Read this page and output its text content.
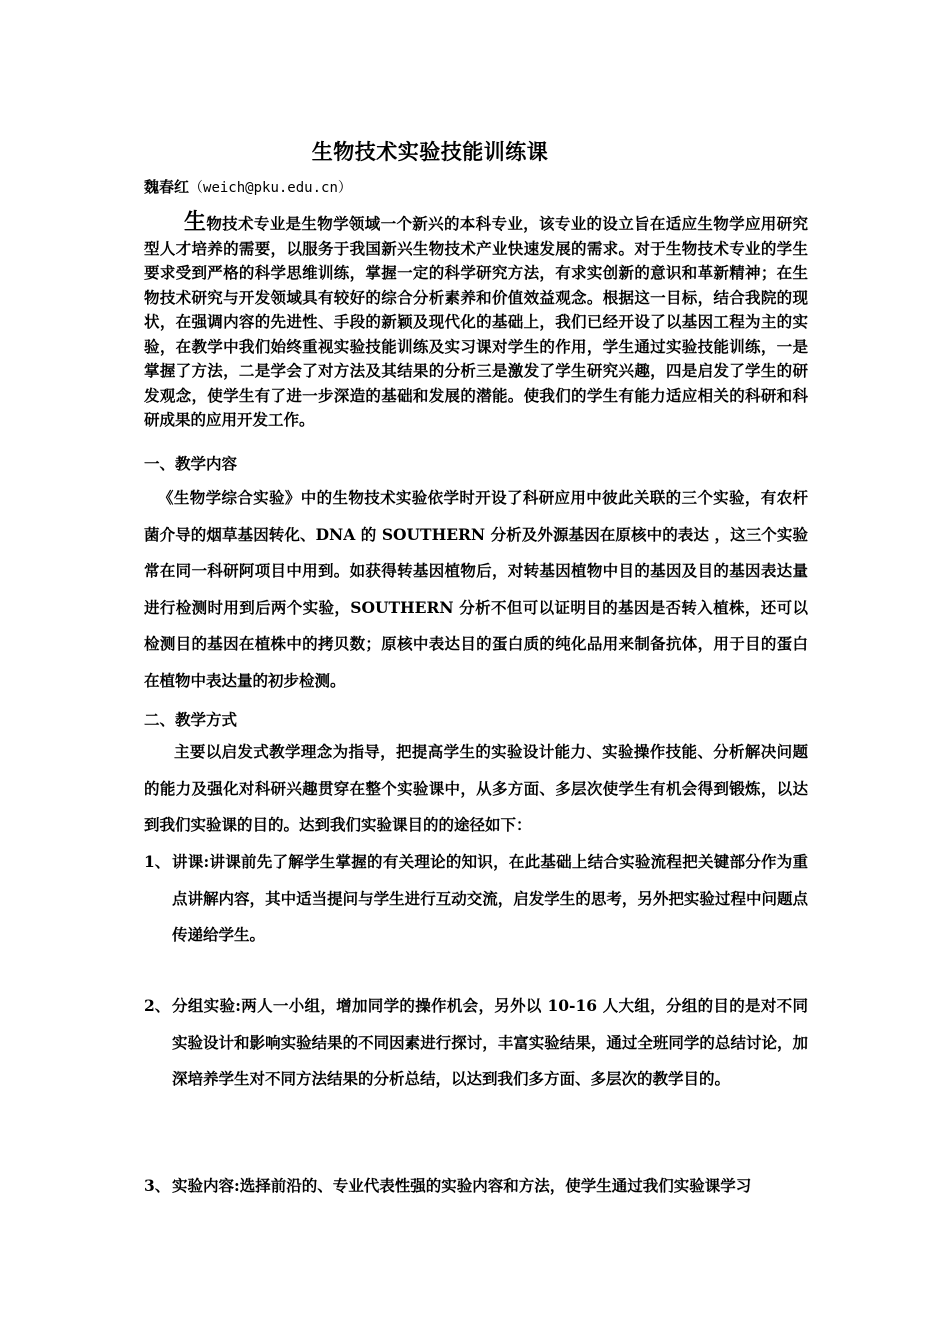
生物技术实验技能训练课
魏春红（weich@pku.edu.cn）
生物技术专业是生物学领域一个新兴的本科专业，该专业的设立旨在适应生物学应用研究型人才培养的需要，以服务于我国新兴生物技术产业快速发展的需求。对于生物技术专业的学生要求受到严格的科学思维训练，掌握一定的科学研究方法，有求实创新的意识和革新精神；在生物技术研究与开发领域具有较好的综合分析素养和价值效益观念。根据这一目标，结合我院的现状，在强调内容的先进性、手段的新颖及现代化的基础上，我们已经开设了以基因工程为主的实验，在教学中我们始终重视实验技能训练及实习课对学生的作用，学生通过实验技能训练，一是掌握了方法，二是学会了对方法及其结果的分析三是激发了学生研究兴趣，四是启发了学生的研发观念，使学生有了进一步深造的基础和发展的潜能。使我们的学生有能力适应相关的科研和科研成果的应用开发工作。
一、教学内容
《生物学综合实验》中的生物技术实验依学时开设了科研应用中彼此关联的三个实验，有农杆菌介导的烟草基因转化、DNA 的 SOUTHERN 分析及外源基因在原核中的表达 ，这三个实验常在同一科研阿项目中用到。如获得转基因植物后，对转基因植物中目的基因及目的基因表达量进行检测时用到后两个实验，SOUTHERN 分析不但可以证明目的基因是否转入植株，还可以检测目的基因在植株中的拷贝数；原核中表达目的蛋白质的纯化品用来制备抗体，用于目的蛋白在植物中表达量的初步检测。
二、教学方式
主要以启发式教学理念为指导，把提高学生的实验设计能力、实验操作技能、分析解决问题的能力及强化对科研兴趣贯穿在整个实验课中，从多方面、多层次使学生有机会得到锻炼，以达到我们实验课的目的。达到我们实验课目的的途径如下：
1、 讲课:讲课前先了解学生掌握的有关理论的知识，在此基础上结合实验流程把关键部分作为重点讲解内容，其中适当提问与学生进行互动交流，启发学生的思考，另外把实验过程中问题点传递给学生。
2、 分组实验:两人一小组，增加同学的操作机会，另外以 10-16 人大组，分组的目的是对不同实验设计和影响实验结果的不同因素进行探讨，丰富实验结果，通过全班同学的总结讨论，加深培养学生对不同方法结果的分析总结，以达到我们多方面、多层次的教学目的。
3、 实验内容:选择前沿的、专业代表性强的实验内容和方法，使学生通过我们实验课学习
